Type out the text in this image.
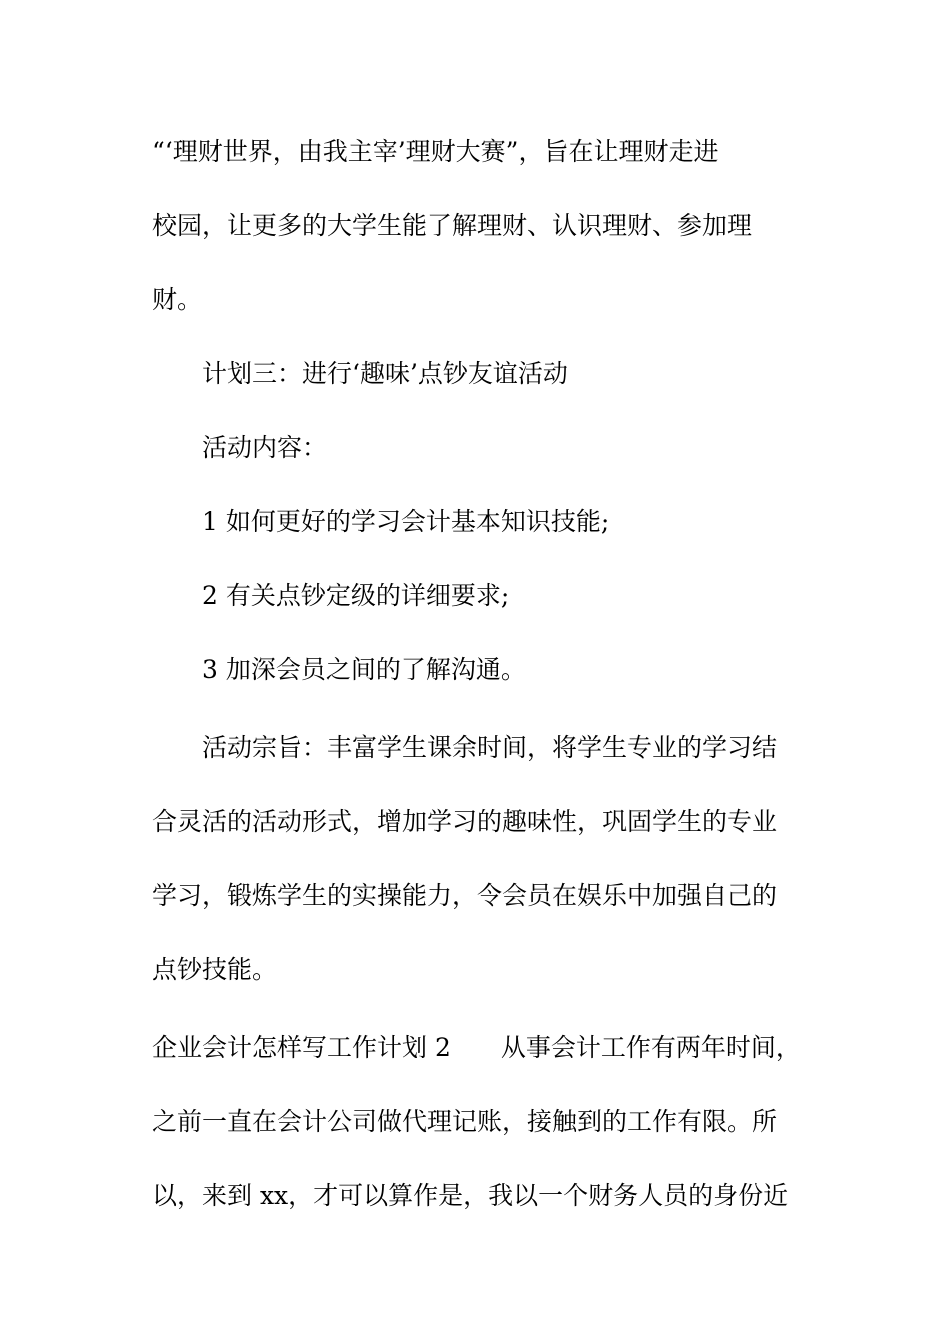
“‘理财世界，由我主宰’理财大赛”，旨在让理财走进
校园，让更多的大学生能了解理财、认识理财、参加理
财。
计划三：进行‘趣味’点钞友谊活动
活动内容：
1 如何更好的学习会计基本知识技能;
2 有关点钞定级的详细要求;
3 加深会员之间的了解沟通。
活动宗旨：丰富学生课余时间，将学生专业的学习结
合灵活的活动形式，增加学习的趣味性，巩固学生的专业
学习，锻炼学生的实操能力，令会员在娱乐中加强自己的
点钞技能。
企业会计怎样写工作计划 2　　从事会计工作有两年时间，
之前一直在会计公司做代理记账，接触到的工作有限。所
以，来到 xx，才可以算作是，我以一个财务人员的身份近
